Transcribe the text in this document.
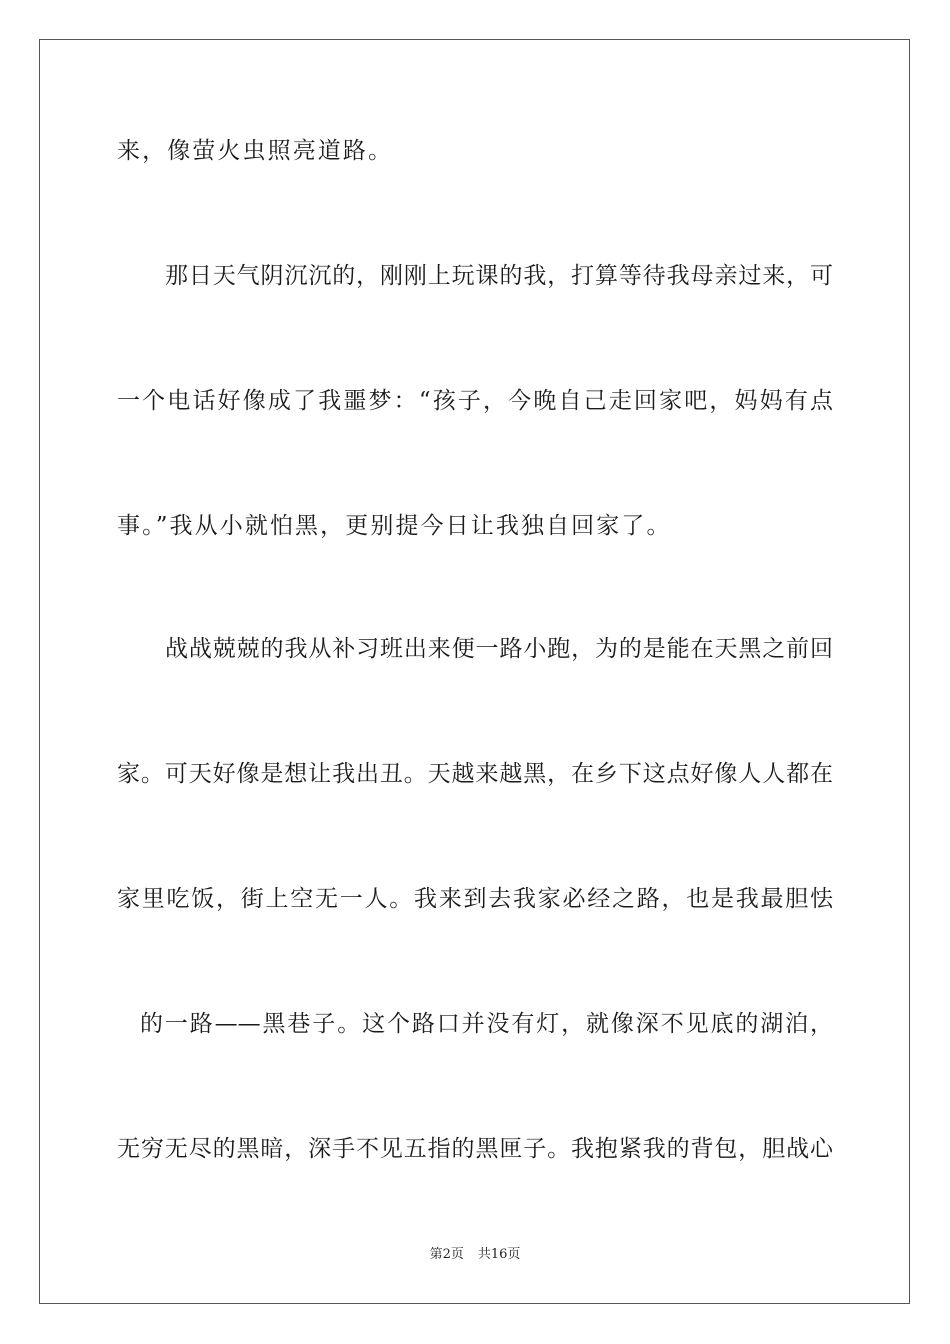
来，像萤火虫照亮道路。
那日天气阴沉沉的，刚刚上玩课的我，打算等待我母亲过来，可
一个电话好像成了我噩梦：“孩子，今晚自己走回家吧，妈妈有点
事。”我从小就怕黑，更别提今日让我独自回家了。
战战兢兢的我从补习班出来便一路小跑，为的是能在天黑之前回
家。可天好像是想让我出丑。天越来越黑，在乡下这点好像人人都在
家里吃饭，街上空无一人。我来到去我家必经之路，也是我最胆怯
的一路——黑巷子。这个路口并没有灯，就像深不见底的湖泊，
无穷无尽的黑暗，深手不见五指的黑匣子。我抱紧我的背包，胆战心
第2页 共16页
